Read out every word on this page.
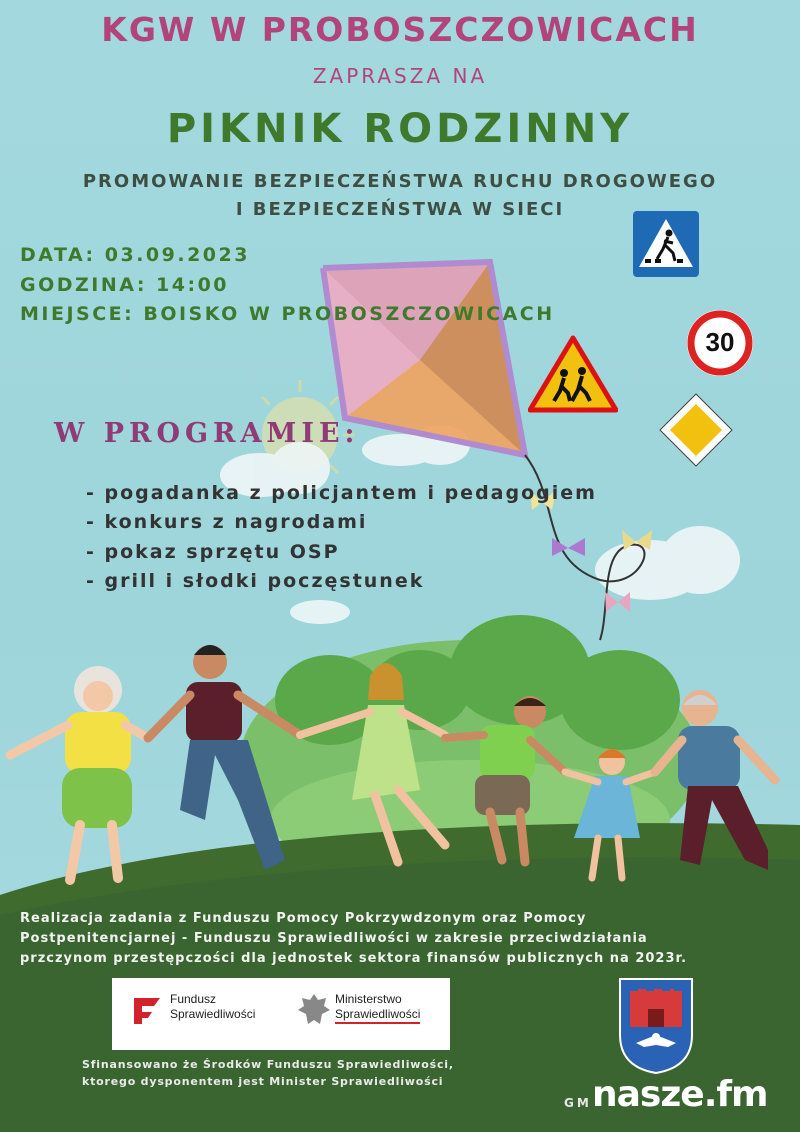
30
KGW W PROBOSZCZOWICACH
ZAPRASZA NA
PIKNIK RODZINNY
PROMOWANIE BEZPIECZEŃSTWA RUCHU DROGOWEGO
I BEZPIECZEŃSTWA W SIECI
DATA: 03.09.2023
GODZINA: 14:00
MIEJSCE: BOISKO W PROBOSZCZOWICACH
W PROGRAMIE:
- pogadanka z policjantem i pedagogiem
- konkurs z nagrodami
- pokaz sprzętu OSP
- grill i słodki poczęstunek
Realizacja zadania z Funduszu Pomocy Pokrzywdzonym oraz Pomocy
Postpenitencjarnej - Funduszu Sprawiedliwości w zakresie przeciwdziałania
przczynom przestępczości dla jednostek sektora finansów publicznych na 2023r.
Fundusz
Sprawiedliwości
Ministerstwo
Sprawiedliwości
Sfinansowano że Środków Funduszu Sprawiedliwości,
ktorego dysponentem jest Minister Sprawiedliwości
GM nasze.fm
